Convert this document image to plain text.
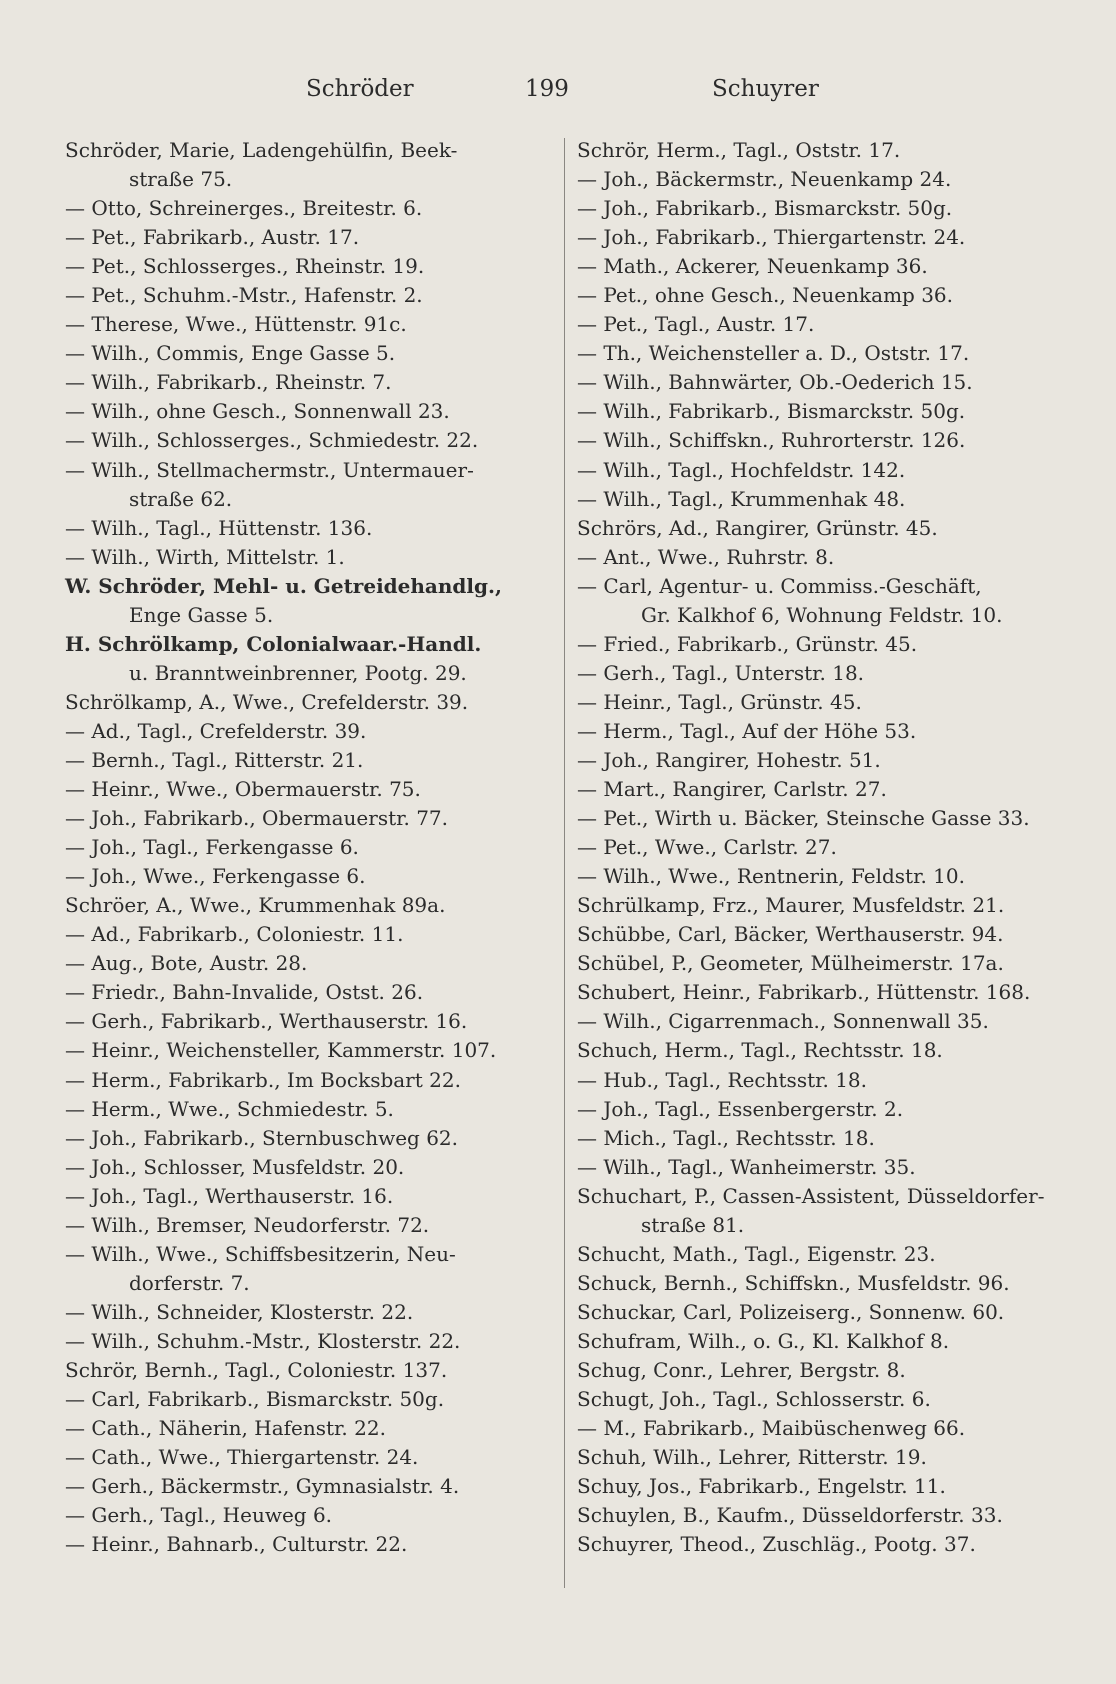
Schröder	199	Schuyrer
Schröder, Marie, Ladengehülfin, Beek-
straße 75.
— Otto, Schreinerges., Breitestr. 6.
— Pet., Fabrikarb., Austr. 17.
— Pet., Schlosserges., Rheinstr. 19.
— Pet., Schuhm.-Mstr., Hafenstr. 2.
— Therese, Wwe., Hüttenstr. 91c.
— Wilh., Commis, Enge Gasse 5.
— Wilh., Fabrikarb., Rheinstr. 7.
— Wilh., ohne Gesch., Sonnenwall 23.
— Wilh., Schlosserges., Schmiedestr. 22.
— Wilh., Stellmachermstr., Untermauer-
straße 62.
— Wilh., Tagl., Hüttenstr. 136.
— Wilh., Wirth, Mittelstr. 1.
W. Schröder, Mehl- u. Getreidehandlg.,
Enge Gasse 5.
H. Schrölkamp, Colonialwaar.-Handl.
u. Branntweinbrenner, Pootg. 29.
Schrölkamp, A., Wwe., Crefelderstr. 39.
— Ad., Tagl., Crefelderstr. 39.
— Bernh., Tagl., Ritterstr. 21.
— Heinr., Wwe., Obermauerstr. 75.
— Joh., Fabrikarb., Obermauerstr. 77.
— Joh., Tagl., Ferkengasse 6.
— Joh., Wwe., Ferkengasse 6.
Schröer, A., Wwe., Krummenhak 89a.
— Ad., Fabrikarb., Coloniestr. 11.
— Aug., Bote, Austr. 28.
— Friedr., Bahn-Invalide, Ostst. 26.
— Gerh., Fabrikarb., Werthauserstr. 16.
— Heinr., Weichensteller, Kammerstr. 107.
— Herm., Fabrikarb., Im Bocksbart 22.
— Herm., Wwe., Schmiedestr. 5.
— Joh., Fabrikarb., Sternbuschweg 62.
— Joh., Schlosser, Musfeldstr. 20.
— Joh., Tagl., Werthauserstr. 16.
— Wilh., Bremser, Neudorferstr. 72.
— Wilh., Wwe., Schiffsbesitzerin, Neu-
dorferstr. 7.
— Wilh., Schneider, Klosterstr. 22.
— Wilh., Schuhm.-Mstr., Klosterstr. 22.
Schrör, Bernh., Tagl., Coloniestr. 137.
— Carl, Fabrikarb., Bismarckstr. 50g.
— Cath., Näherin, Hafenstr. 22.
— Cath., Wwe., Thiergartenstr. 24.
— Gerh., Bäckermstr., Gymnasialstr. 4.
— Gerh., Tagl., Heuweg 6.
— Heinr., Bahnarb., Culturstr. 22.
Schrör, Herm., Tagl., Oststr. 17.
— Joh., Bäckermstr., Neuenkamp 24.
— Joh., Fabrikarb., Bismarckstr. 50g.
— Joh., Fabrikarb., Thiergartenstr. 24.
— Math., Ackerer, Neuenkamp 36.
— Pet., ohne Gesch., Neuenkamp 36.
— Pet., Tagl., Austr. 17.
— Th., Weichensteller a. D., Oststr. 17.
— Wilh., Bahnwärter, Ob.-Oederich 15.
— Wilh., Fabrikarb., Bismarckstr. 50g.
— Wilh., Schiffskn., Ruhrorterstr. 126.
— Wilh., Tagl., Hochfeldstr. 142.
— Wilh., Tagl., Krummenhak 48.
Schrörs, Ad., Rangirer, Grünstr. 45.
— Ant., Wwe., Ruhrstr. 8.
— Carl, Agentur- u. Commiss.-Geschäft,
Gr. Kalkhof 6, Wohnung Feldstr. 10.
— Fried., Fabrikarb., Grünstr. 45.
— Gerh., Tagl., Unterstr. 18.
— Heinr., Tagl., Grünstr. 45.
— Herm., Tagl., Auf der Höhe 53.
— Joh., Rangirer, Hohestr. 51.
— Mart., Rangirer, Carlstr. 27.
— Pet., Wirth u. Bäcker, Steinsche Gasse 33.
— Pet., Wwe., Carlstr. 27.
— Wilh., Wwe., Rentnerin, Feldstr. 10.
Schrülkamp, Frz., Maurer, Musfeldstr. 21.
Schübbe, Carl, Bäcker, Werthauserstr. 94.
Schübel, P., Geometer, Mülheimerstr. 17a.
Schubert, Heinr., Fabrikarb., Hüttenstr. 168.
— Wilh., Cigarrenmach., Sonnenwall 35.
Schuch, Herm., Tagl., Rechtsstr. 18.
— Hub., Tagl., Rechtsstr. 18.
— Joh., Tagl., Essenbergerstr. 2.
— Mich., Tagl., Rechtsstr. 18.
— Wilh., Tagl., Wanheimerstr. 35.
Schuchart, P., Cassen-Assistent, Düsseldorfer-
straße 81.
Schucht, Math., Tagl., Eigenstr. 23.
Schuck, Bernh., Schiffskn., Musfeldstr. 96.
Schuckar, Carl, Polizeiserg., Sonnenw. 60.
Schufram, Wilh., o. G., Kl. Kalkhof 8.
Schug, Conr., Lehrer, Bergstr. 8.
Schugt, Joh., Tagl., Schlosserstr. 6.
— M., Fabrikarb., Maibüschenweg 66.
Schuh, Wilh., Lehrer, Ritterstr. 19.
Schuy, Jos., Fabrikarb., Engelstr. 11.
Schuylen, B., Kaufm., Düsseldorferstr. 33.
Schuyrer, Theod., Zuschläg., Pootg. 37.
